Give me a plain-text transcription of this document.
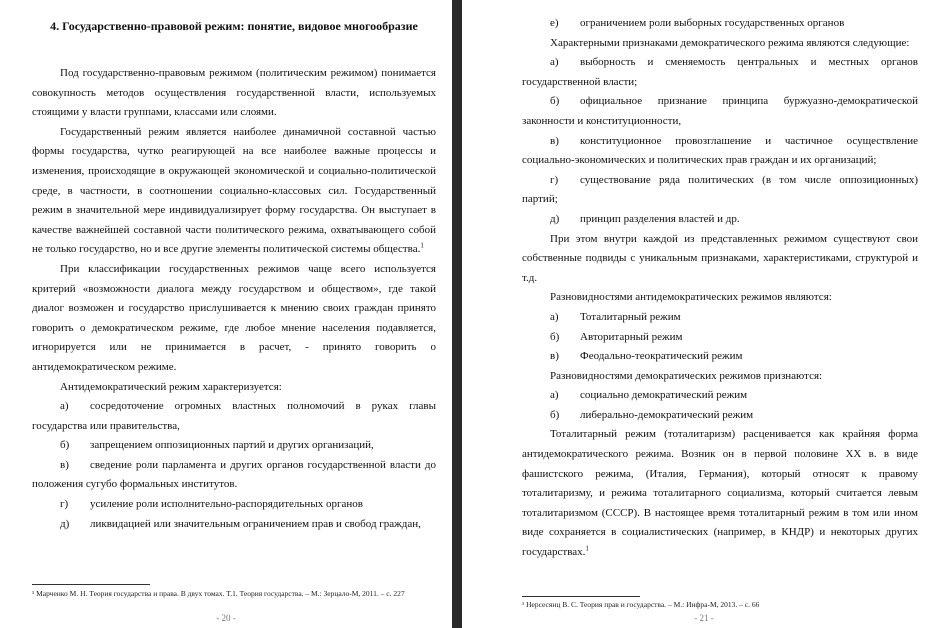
4. Государственно-правовой режим: понятие, видовое многообразие

Под государственно-правовым режимом (политическим режимом) понимается совокупность методов осуществления государственной власти, используемых стоящими у власти группами, классами или слоями.

Государственный режим является наиболее динамичной составной частью формы государства, чутко реагирующей на все наиболее важные процессы и изменения, происходящие в окружающей экономической и социально-политической среде, в частности, в соотношении социально-классовых сил. Государственный режим в значительной мере индивидуализирует форму государства. Он выступает в качестве важнейшей составной части политического режима, охватывающего собой не только государство, но и все другие элементы политической системы общества.$^1$

При классификации государственных режимов чаще всего используется критерий «возможности диалога между государством и обществом», где такой диалог возможен и государство прислушивается к мнению своих граждан принято говорить о демократическом режиме, где любое мнение населения подавляется, игнорируется или не принимается в расчет, - принято говорить о антидемократическом режиме.

Антидемократический режим характеризуется:

а) сосредоточение огромных властных полномочий в руках главы государства или правительства,

б) запрещением оппозиционных партий и других организаций,

в) сведение роли парламента и других органов государственной власти до положения сугубо формальных институтов.

г) усиление роли исполнительно-распорядительных органов

д) ликвидацией или значительным ограничением прав и свобод граждан,

¹ Марченко М. Н. Теория государства и права. В двух томах. Т.1. Теория государства. – М.: Зерцало-М, 2011. – с. 227
- 20 -

е) ограничением роли выборных государственных органов

Характерными признаками демократического режима являются следующие:

а) выборность и сменяемость центральных и местных органов государственной власти;

б) официальное признание принципа буржуазно-демократической законности и конституционности,

в) конституционное провозглашение и частичное осуществление социально-экономических и политических прав граждан и их организаций;

г) существование ряда политических (в том числе оппозиционных) партий;

д) принцип разделения властей и др.

При этом внутри каждой из представленных режимом существуют свои собственные подвиды с уникальным признаками, характеристиками, структурой и т.д.

Разновидностями антидемократических режимов являются:

а) Тоталитарный режим

б) Авторитарный режим

в) Феодально-теократический режим

Разновидностями демократических режимов признаются:

а) социально демократический режим

б) либерально-демократический режим

Тоталитарный режим (тоталитаризм) расценивается как крайняя форма антидемократического режима. Возник он в первой половине XX в. в виде фашистского режима, (Италия, Германия), который относят к правому тоталитаризму, и режима тоталитарного социализма, который считается левым тоталитаризмом (СССР). В настоящее время тоталитарный режим в том или ином виде сохраняется в социалистических (например, в КНДР) и некоторых других государствах.$^1$

¹ Нерсесянц В. С. Теория прав и государства. – М.: Инфра-М, 2013. – с. 66
- 21 -
